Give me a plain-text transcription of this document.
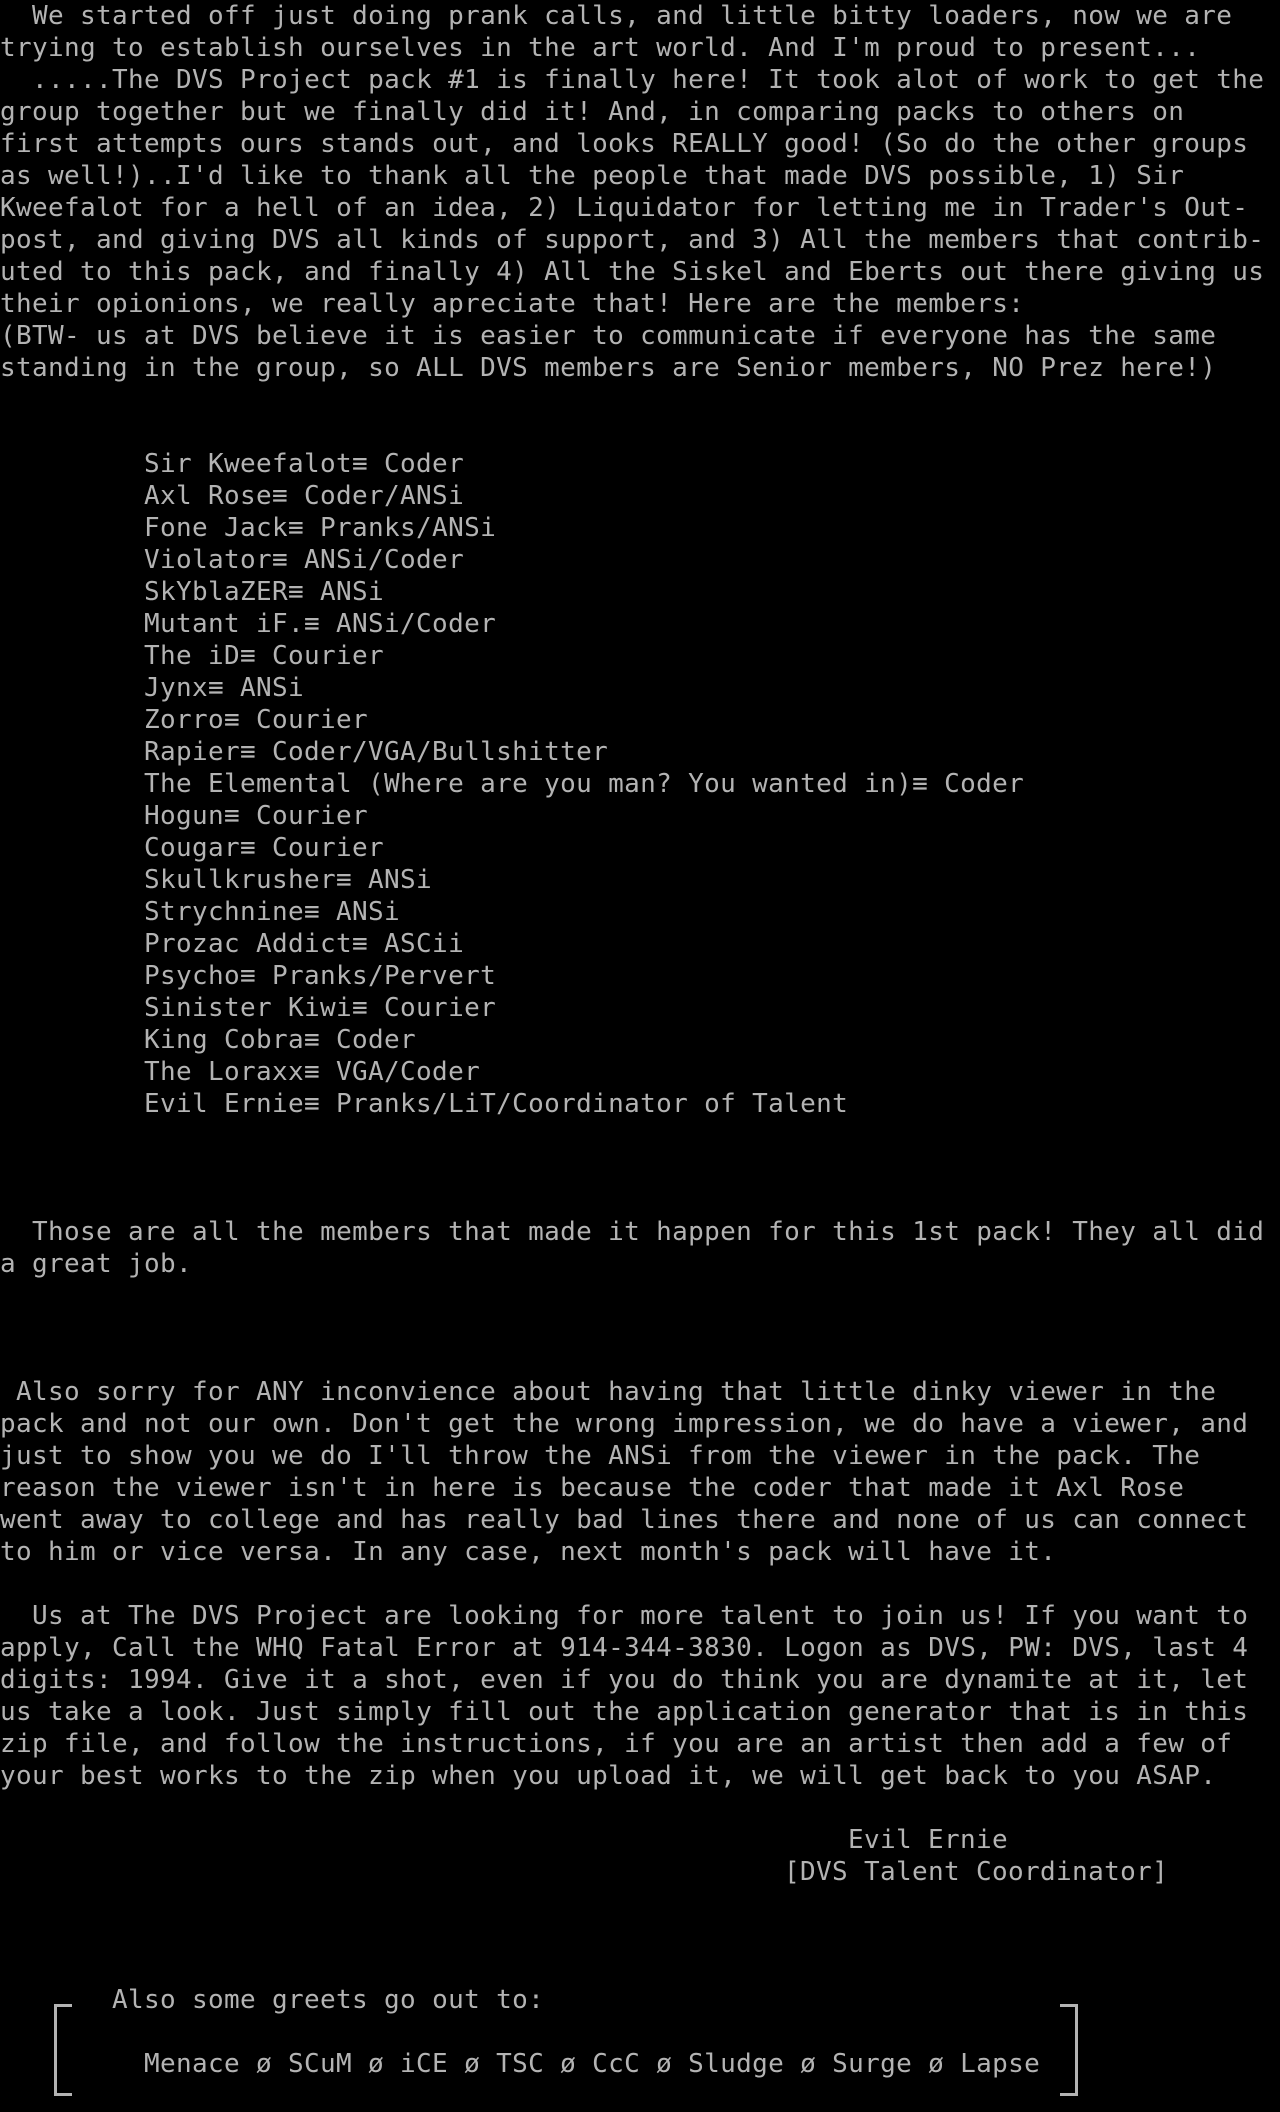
We started off just doing prank calls, and little bitty loaders, now we are
trying to establish ourselves in the art world. And I'm proud to present...
.....The DVS Project pack #1 is finally here! It took alot of work to get the
group together but we finally did it! And, in comparing packs to others on
first attempts ours stands out, and looks REALLY good! (So do the other groups
as well!)..I'd like to thank all the people that made DVS possible, 1) Sir
Kweefalot for a hell of an idea, 2) Liquidator for letting me in Trader's Out-
post, and giving DVS all kinds of support, and 3) All the members that contrib-
uted to this pack, and finally 4) All the Siskel and Eberts out there giving us
their opionions, we really apreciate that! Here are the members:
(BTW- us at DVS believe it is easier to communicate if everyone has the same
standing in the group, so ALL DVS members are Senior members, NO Prez here!)
Sir Kweefalot≡ Coder
Axl Rose≡ Coder/ANSi
Fone Jack≡ Pranks/ANSi
Violator≡ ANSi/Coder
SkYblaZER≡ ANSi
Mutant iF.≡ ANSi/Coder
The iD≡ Courier
Jynx≡ ANSi
Zorro≡ Courier
Rapier≡ Coder/VGA/Bullshitter
The Elemental (Where are you man? You wanted in)≡ Coder
Hogun≡ Courier
Cougar≡ Courier
Skullkrusher≡ ANSi
Strychnine≡ ANSi
Prozac Addict≡ ASCii
Psycho≡ Pranks/Pervert
Sinister Kiwi≡ Courier
King Cobra≡ Coder
The Loraxx≡ VGA/Coder
Evil Ernie≡ Pranks/LiT/Coordinator of Talent
Those are all the members that made it happen for this 1st pack! They all did
a great job.
Also sorry for ANY inconvience about having that little dinky viewer in the
pack and not our own. Don't get the wrong impression, we do have a viewer, and
just to show you we do I'll throw the ANSi from the viewer in the pack. The
reason the viewer isn't in here is because the coder that made it Axl Rose
went away to college and has really bad lines there and none of us can connect
to him or vice versa. In any case, next month's pack will have it.
Us at The DVS Project are looking for more talent to join us! If you want to
apply, Call the WHQ Fatal Error at 914-344-3830. Logon as DVS, PW: DVS, last 4
digits: 1994. Give it a shot, even if you do think you are dynamite at it, let
us take a look. Just simply fill out the application generator that is in this
zip file, and follow the instructions, if you are an artist then add a few of
your best works to the zip when you upload it, we will get back to you ASAP.
Evil Ernie
[DVS Talent Coordinator]
Also some greets go out to:
Menace ø SCuM ø iCE ø TSC ø CcC ø Sludge ø Surge ø Lapse
